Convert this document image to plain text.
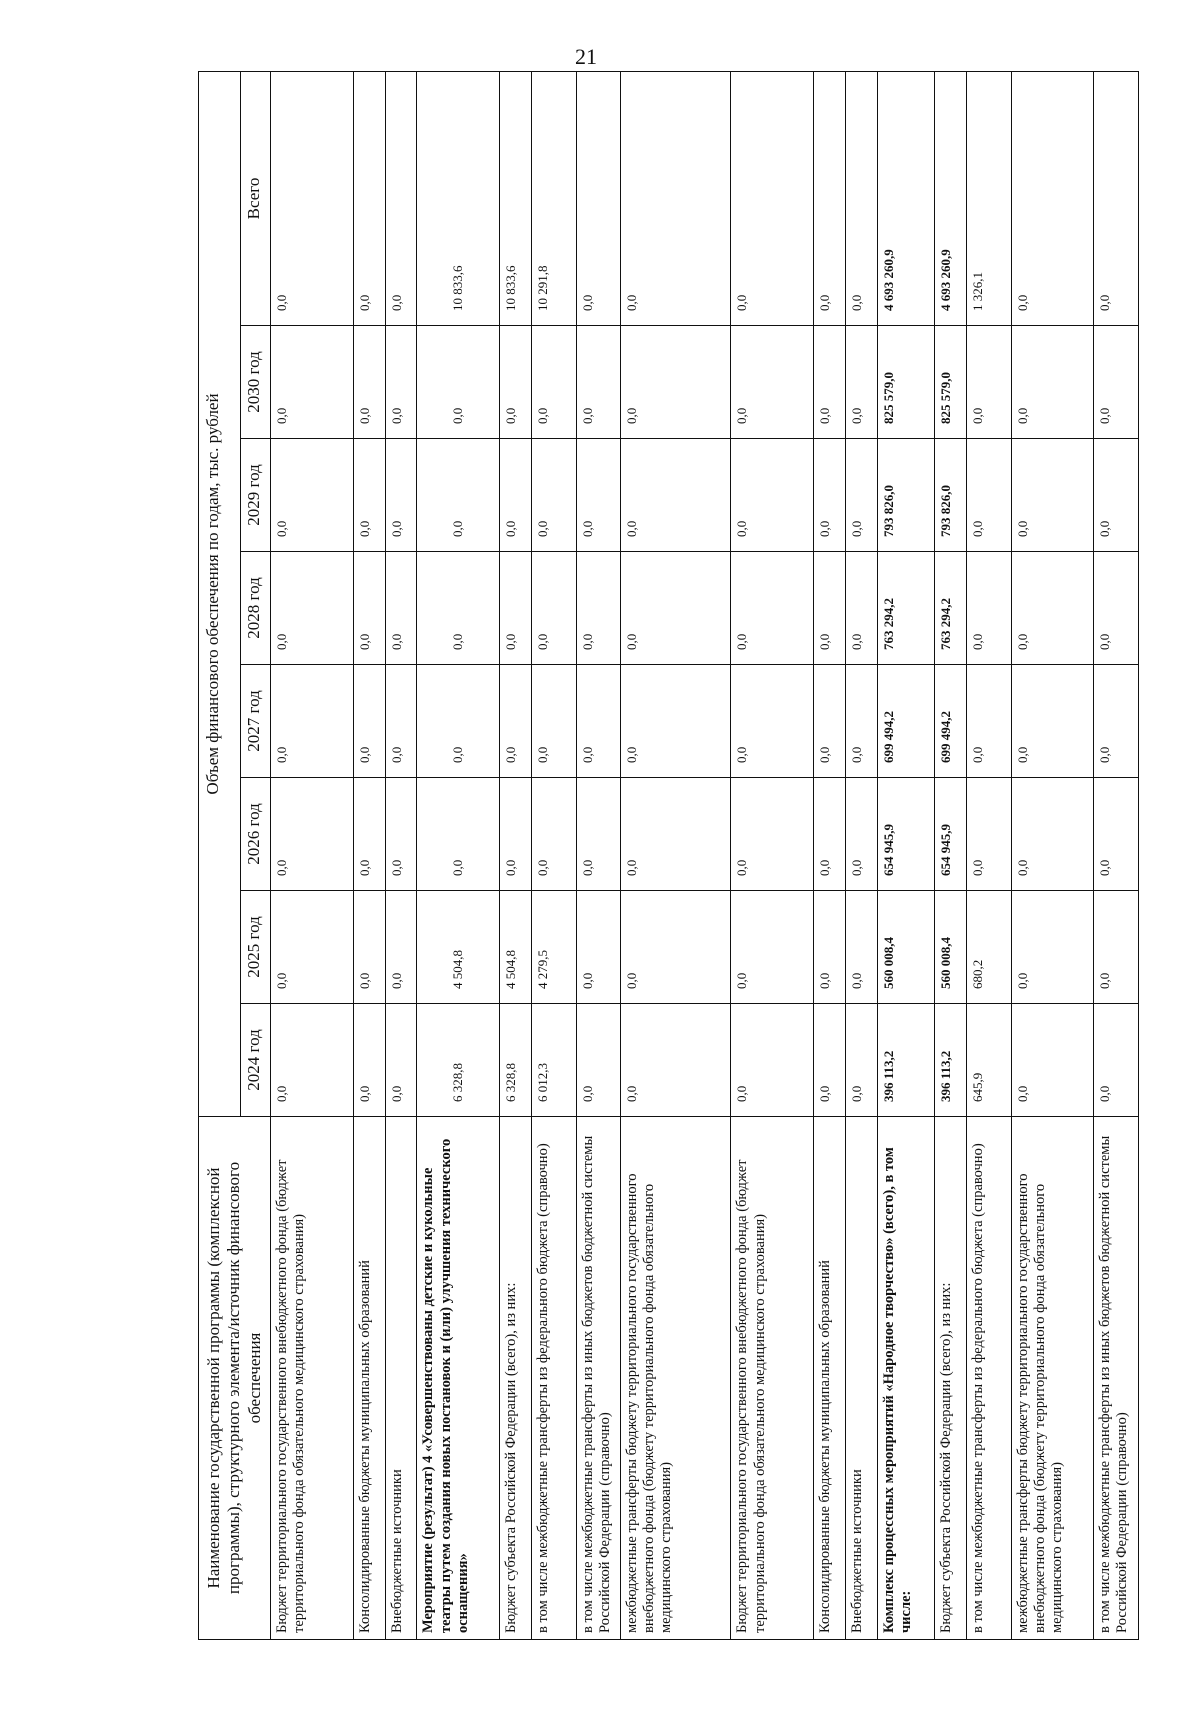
21
Наименование государственной программы (комплексной программы), структурного элемента/источник финансового обеспечения	Объем финансового обеспечения по годам, тыс. рублей							
	2024 год	2025 год	2026 год	2027 год	2028 год	2029 год	2030 год	Всего
Бюджет территориального государственного внебюджетного фонда (бюджет территориального фонда обязательного медицинского страхования)	0,0	0,0	0,0	0,0	0,0	0,0	0,0	0,0
Консолидированные бюджеты муниципальных образований	0,0	0,0	0,0	0,0	0,0	0,0	0,0	0,0
Внебюджетные источники	0,0	0,0	0,0	0,0	0,0	0,0	0,0	0,0
Мероприятие (результат) 4 «Усовершенствованы детские и кукольные театры путем создания новых постановок и (или) улучшения технического оснащения»	6 328,8	4 504,8	0,0	0,0	0,0	0,0	0,0	10 833,6
Бюджет субъекта Российской Федерации (всего), из них:	6 328,8	4 504,8	0,0	0,0	0,0	0,0	0,0	10 833,6
в том числе межбюджетные трансферты из федерального бюджета (справочно)	6 012,3	4 279,5	0,0	0,0	0,0	0,0	0,0	10 291,8
в том числе межбюджетные трансферты из иных бюджетов бюджетной системы Российской Федерации (справочно)	0,0	0,0	0,0	0,0	0,0	0,0	0,0	0,0
межбюджетные трансферты бюджету территориального государственного внебюджетного фонда (бюджету территориального фонда обязательного медицинского страхования)	0,0	0,0	0,0	0,0	0,0	0,0	0,0	0,0
Бюджет территориального государственного внебюджетного фонда (бюджет территориального фонда обязательного медицинского страхования)	0,0	0,0	0,0	0,0	0,0	0,0	0,0	0,0
Консолидированные бюджеты муниципальных образований	0,0	0,0	0,0	0,0	0,0	0,0	0,0	0,0
Внебюджетные источники	0,0	0,0	0,0	0,0	0,0	0,0	0,0	0,0
Комплекс процессных мероприятий «Народное творчество» (всего), в том числе:	396 113,2	560 008,4	654 945,9	699 494,2	763 294,2	793 826,0	825 579,0	4 693 260,9
Бюджет субъекта Российской Федерации (всего), из них:	396 113,2	560 008,4	654 945,9	699 494,2	763 294,2	793 826,0	825 579,0	4 693 260,9
в том числе межбюджетные трансферты из федерального бюджета (справочно)	645,9	680,2	0,0	0,0	0,0	0,0	0,0	1 326,1
межбюджетные трансферты бюджету территориального государственного внебюджетного фонда (бюджету территориального фонда обязательного медицинского страхования)	0,0	0,0	0,0	0,0	0,0	0,0	0,0	0,0
в том числе межбюджетные трансферты из иных бюджетов бюджетной системы Российской Федерации (справочно)	0,0	0,0	0,0	0,0	0,0	0,0	0,0	0,0
